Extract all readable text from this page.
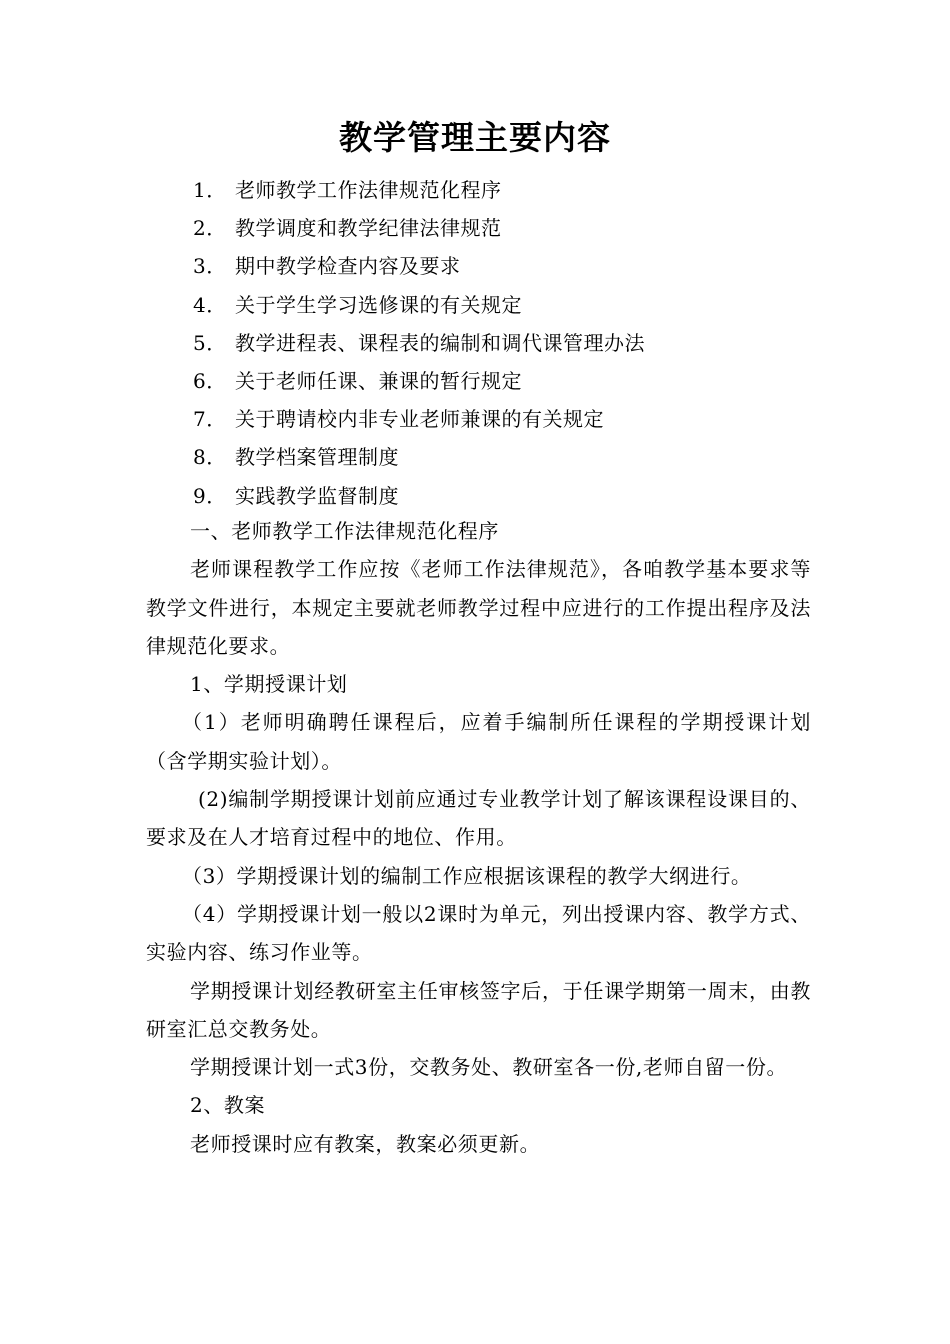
教学管理主要内容
1． 老师教学工作法律规范化程序
2． 教学调度和教学纪律法律规范
3． 期中教学检查内容及要求
4． 关于学生学习选修课的有关规定
5． 教学进程表、课程表的编制和调代课管理办法
6． 关于老师任课、兼课的暂行规定
7． 关于聘请校内非专业老师兼课的有关规定
8． 教学档案管理制度
9． 实践教学监督制度

一、老师教学工作法律规范化程序

老师课程教学工作应按《老师工作法律规范》，各咱教学基本要求等教学文件进行，本规定主要就老师教学过程中应进行的工作提出程序及法律规范化要求。

1、学期授课计划

（1）老师明确聘任课程后，应着手编制所任课程的学期授课计划（含学期实验计划）。

(2)编制学期授课计划前应通过专业教学计划了解该课程设课目的、要求及在人才培育过程中的地位、作用。

（3）学期授课计划的编制工作应根据该课程的教学大纲进行。

（4）学期授课计划一般以2课时为单元，列出授课内容、教学方式、实验内容、练习作业等。

学期授课计划经教研室主任审核签字后，于任课学期第一周末，由教研室汇总交教务处。

学期授课计划一式3份，交教务处、教研室各一份,老师自留一份。

2、教案

老师授课时应有教案，教案必须更新。
